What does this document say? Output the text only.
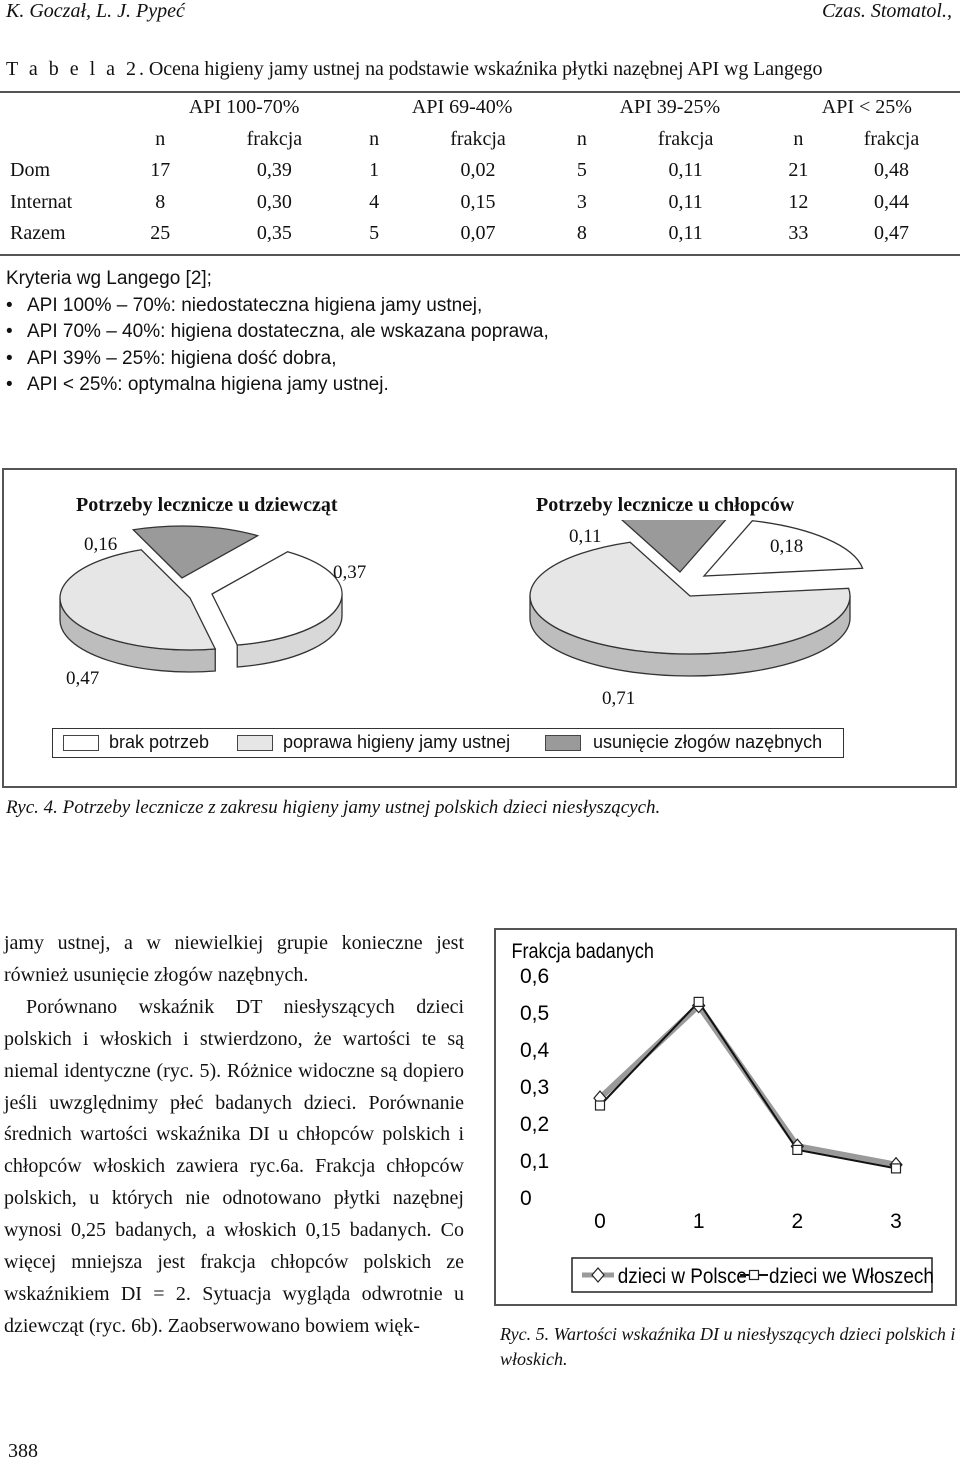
K. Goczał, L. J. Pypeć	Czas. Stomatol.,
T a b e l a 2. Ocena higieny jamy ustnej na podstawie wskaźnika płytki nazębnej API wg Langego
	API 100-70%		API 69-40%		API 39-25%		API < 25%	
	n	frakcja	n	frakcja	n	frakcja	n	frakcja
Dom	17	0,39	1	0,02	5	0,11	21	0,48
Internat	8	0,30	4	0,15	3	0,11	12	0,44
Razem	25	0,35	5	0,07	8	0,11	33	0,47
Kryteria wg Langego [2];
• API 100% – 70%: niedostateczna higiena jamy ustnej,
• API 70% – 40%: higiena dostateczna, ale wskazana poprawa,
• API 39% – 25%: higiena dość dobra,
• API < 25%: optymalna higiena jamy ustnej.
Potrzeby lecznicze u dziewcząt	Potrzeby lecznicze u chłopców
0,16
0,37
0,47
0,11	0,18
0,71
brak potrzeb	poprawa higieny jamy ustnej	usunięcie złogów nazębnych
Ryc. 4. Potrzeby lecznicze z zakresu higieny jamy ustnej polskich dzieci niesłyszących.

jamy ustnej, a w niewielkiej grupie konieczne jest również usunięcie złogów nazębnych.

Porównano wskaźnik DT niesłyszących dzieci polskich i włoskich i stwierdzono, że wartości te są niemal identyczne (ryc. 5). Różnice widoczne są dopiero jeśli uwzględnimy płeć badanych dzieci. Porównanie średnich wartości wskaźnika DI u chłopców polskich i chłopców włoskich zawiera ryc.6a. Frakcja chłopców polskich, u których nie odnotowano płytki nazębnej wynosi 0,25 badanych, a włoskich 0,15 badanych. Co więcej mniejsza jest frakcja chłopców polskich ze wskaźnikiem DI = 2. Sytuacja wygląda odwrotnie u dziewcząt (ryc. 6b). Zaobserwowano bowiem więk-

Frakcja badanych
0
0,1
0,2
0,3
0,4
0,5
0,6
0	1	2	3
dzieci w Polsce dzieci we Włoszech
Ryc. 5. Wartości wskaźnika DI u niesłyszących dzieci polskich i włoskich.
388
